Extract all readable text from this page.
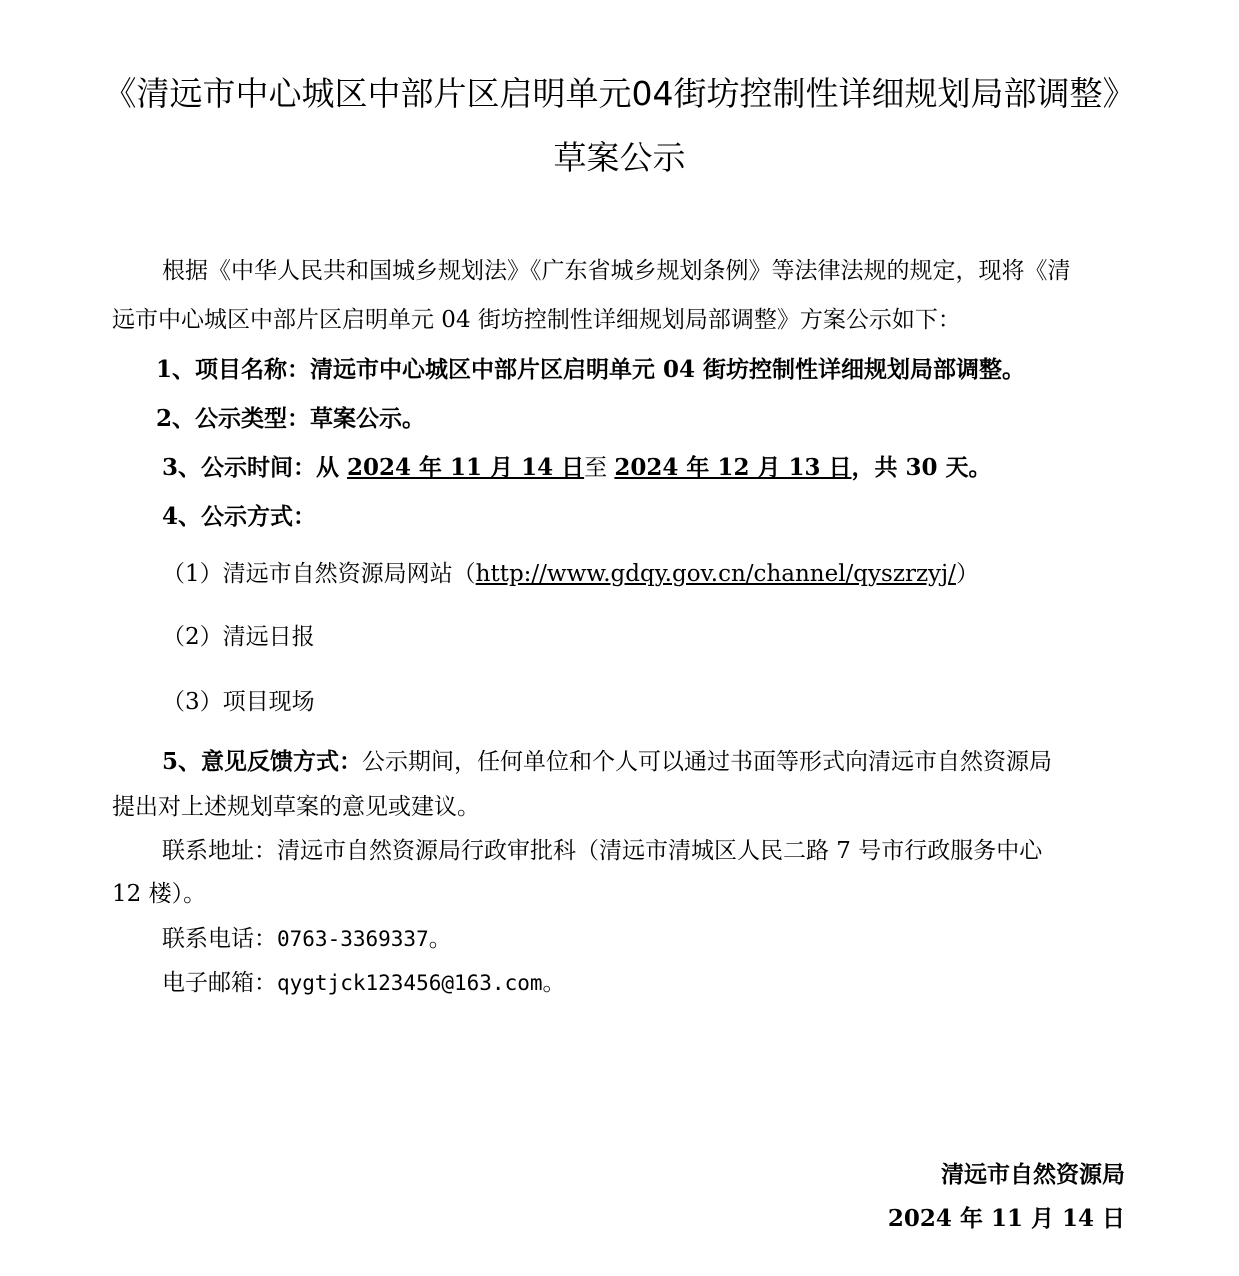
《清远市中心城区中部片区启明单元04街坊控制性详细规划局部调整》
草案公示
根据《中华人民共和国城乡规划法》《广东省城乡规划条例》等法律法规的规定，现将《清
远市中心城区中部片区启明单元 04 街坊控制性详细规划局部调整》方案公示如下：
1、项目名称：清远市中心城区中部片区启明单元 04 街坊控制性详细规划局部调整。
2、公示类型：草案公示。
3、公示时间：从 2024 年 11 月 14 日至 2024 年 12 月 13 日，共 30 天。
4、公示方式：
（1）清远市自然资源局网站（http://www.gdqy.gov.cn/channel/qyszrzyj/）
（2）清远日报
（3）项目现场
5、意见反馈方式：公示期间，任何单位和个人可以通过书面等形式向清远市自然资源局
提出对上述规划草案的意见或建议。
联系地址：清远市自然资源局行政审批科（清远市清城区人民二路 7 号市行政服务中心
12 楼）。
联系电话：0763-3369337。
电子邮箱：qygtjck123456@163.com。
清远市自然资源局
2024 年 11 月 14 日
